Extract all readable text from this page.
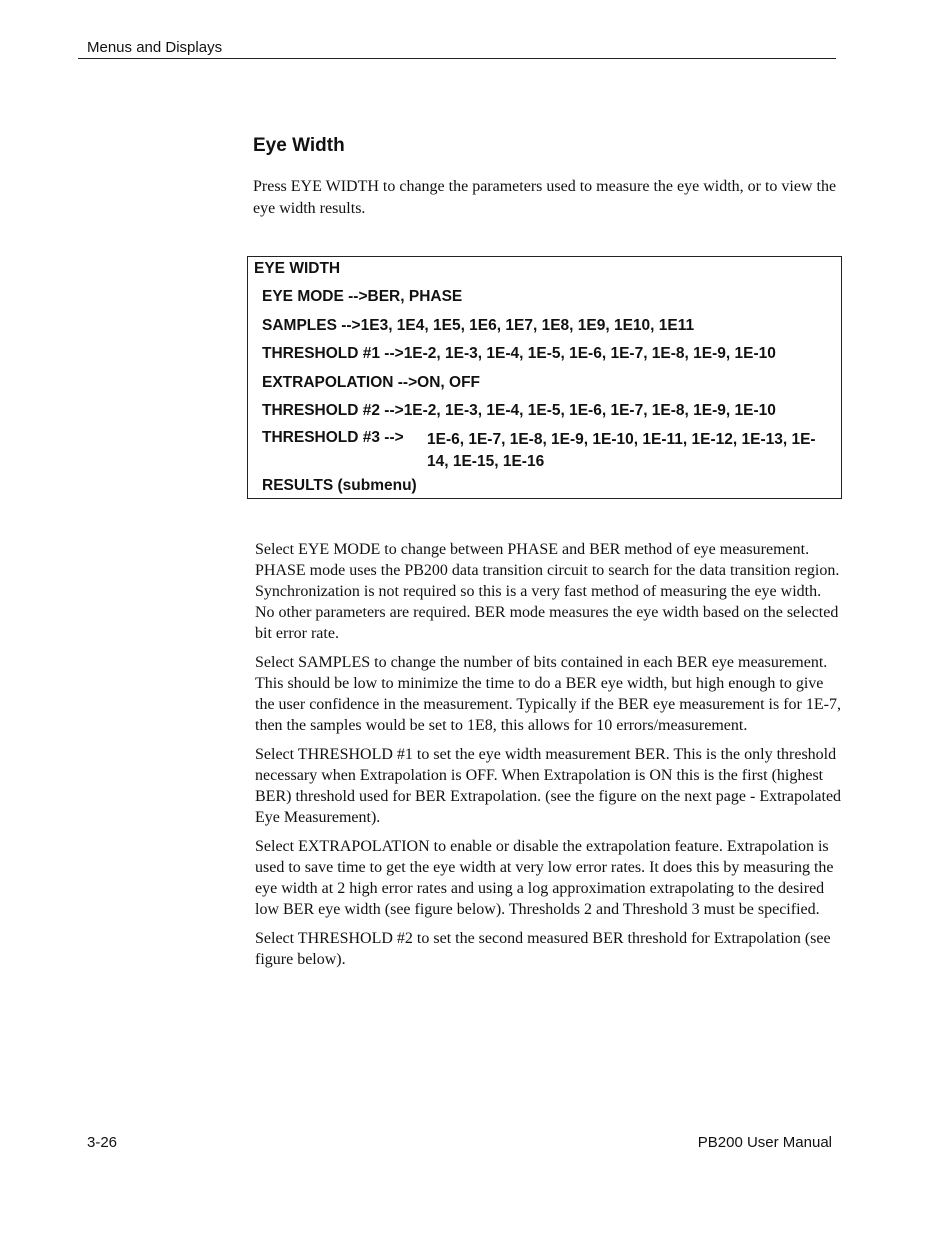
Menus and Displays
Eye Width

Press EYE WIDTH to change the parameters used to measure the eye width, or to view the eye width results.

EYE WIDTH
EYE MODE -->BER, PHASE
SAMPLES -->1E3, 1E4, 1E5, 1E6, 1E7, 1E8, 1E9, 1E10, 1E11
THRESHOLD #1 -->1E-2, 1E-3, 1E-4, 1E-5, 1E-6, 1E-7, 1E-8, 1E-9, 1E-10
EXTRAPOLATION -->ON, OFF
THRESHOLD #2 -->1E-2, 1E-3, 1E-4, 1E-5, 1E-6, 1E-7, 1E-8, 1E-9, 1E-10
THRESHOLD #3 -->1E-6, 1E-7, 1E-8, 1E-9, 1E-10, 1E-11, 1E-12, 1E-13, 1E-14, 1E-15, 1E-16
RESULTS (submenu)

Select EYE MODE to change between PHASE and BER method of eye measurement. PHASE mode uses the PB200 data transition circuit to search for the data transition region. Synchronization is not required so this is a very fast method of measuring the eye width. No other parameters are required. BER mode measures the eye width based on the selected bit error rate.

Select SAMPLES to change the number of bits contained in each BER eye measurement. This should be low to minimize the time to do a BER eye width, but high enough to give the user confidence in the measurement. Typically if the BER eye measurement is for 1E-7, then the samples would be set to 1E8, this allows for 10 errors/measurement.

Select THRESHOLD #1 to set the eye width measurement BER. This is the only threshold necessary when Extrapolation is OFF. When Extrapolation is ON this is the first (highest BER) threshold used for BER Extrapolation. (see the figure on the next page - Extrapolated Eye Measurement).

Select EXTRAPOLATION to enable or disable the extrapolation feature. Extrapolation is used to save time to get the eye width at very low error rates. It does this by measuring the eye width at 2 high error rates and using a log approximation extrapolating to the desired low BER eye width (see figure below). Thresholds 2 and Threshold 3 must be specified.

Select THRESHOLD #2 to set the second measured BER threshold for Extrapolation (see figure below).

3-26	PB200 User Manual
